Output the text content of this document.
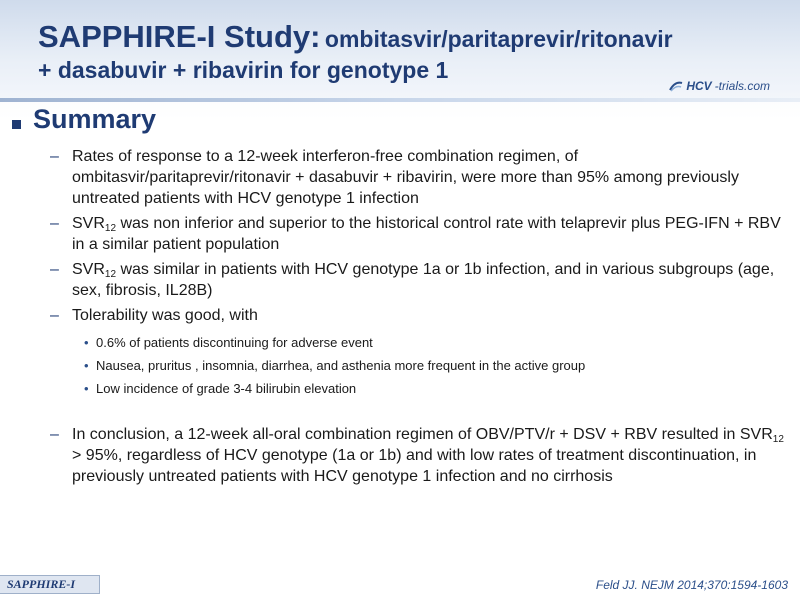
SAPPHIRE-I Study: ombitasvir/paritaprevir/ritonavir
+ dasabuvir + ribavirin for genotype 1
HCV -trials.com
Summary
– Rates of response to a 12-week interferon-free combination regimen, of ombitasvir/paritaprevir/ritonavir + dasabuvir + ribavirin, were more than 95% among previously untreated patients with HCV genotype 1 infection
– $SVR_{12}$ was non inferior and superior to the historical control rate with telaprevir plus PEG-IFN + RBV in a similar patient population
– $SVR_{12}$ was similar in patients with HCV genotype 1a or 1b infection, and in various subgroups (age, sex, fibrosis, IL28B)
– Tolerability was good, with
• 0.6% of patients discontinuing for adverse event
• Nausea, pruritus , insomnia, diarrhea, and asthenia more frequent in the active group
• Low incidence of grade 3-4 bilirubin elevation
– In conclusion, a 12-week all-oral combination regimen of OBV/PTV/r + DSV + RBV resulted in $SVR_{12} > 95\%$, regardless of HCV genotype (1a or 1b) and with low rates of treatment discontinuation, in previously untreated patients with HCV genotype 1 infection and no cirrhosis
SAPPHIRE-I	Feld JJ. NEJM 2014;370:1594-1603
